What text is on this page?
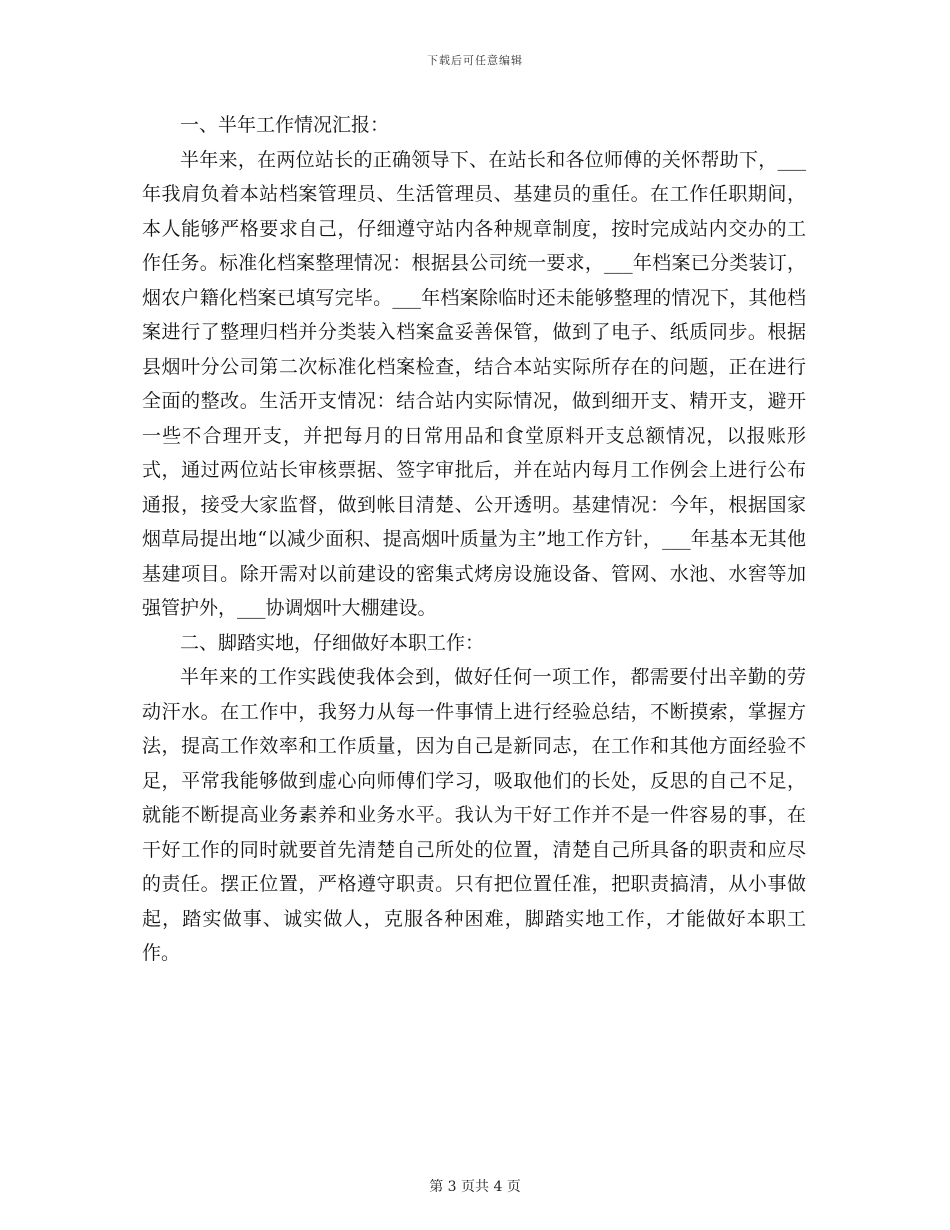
下载后可任意编辑

一、半年工作情况汇报：

半年来，在两位站长的正确领导下、在站长和各位师傅的关怀帮助下，___年我肩负着本站档案管理员、生活管理员、基建员的重任。在工作任职期间，本人能够严格要求自己，仔细遵守站内各种规章制度，按时完成站内交办的工作任务。标准化档案整理情况：根据县公司统一要求，___年档案已分类装订，烟农户籍化档案已填写完毕。___年档案除临时还未能够整理的情况下，其他档案进行了整理归档并分类装入档案盒妥善保管，做到了电子、纸质同步。根据县烟叶分公司第二次标准化档案检查，结合本站实际所存在的问题，正在进行全面的整改。生活开支情况：结合站内实际情况，做到细开支、精开支，避开一些不合理开支，并把每月的日常用品和食堂原料开支总额情况，以报账形式，通过两位站长审核票据、签字审批后，并在站内每月工作例会上进行公布通报，接受大家监督，做到帐目清楚、公开透明。基建情况：今年，根据国家烟草局提出地“以减少面积、提高烟叶质量为主”地工作方针，___年基本无其他基建项目。除开需对以前建设的密集式烤房设施设备、管网、水池、水窖等加强管护外，___协调烟叶大棚建设。

二、脚踏实地，仔细做好本职工作：

半年来的工作实践使我体会到，做好任何一项工作，都需要付出辛勤的劳动汗水。在工作中，我努力从每一件事情上进行经验总结，不断摸索，掌握方法，提高工作效率和工作质量，因为自己是新同志，在工作和其他方面经验不足，平常我能够做到虚心向师傅们学习，吸取他们的长处，反思的自己不足，就能不断提高业务素养和业务水平。我认为干好工作并不是一件容易的事，在干好工作的同时就要首先清楚自己所处的位置，清楚自己所具备的职责和应尽的责任。摆正位置，严格遵守职责。只有把位置任准，把职责搞清，从小事做起，踏实做事、诚实做人，克服各种困难，脚踏实地工作，才能做好本职工作。

第 3 页共 4 页
